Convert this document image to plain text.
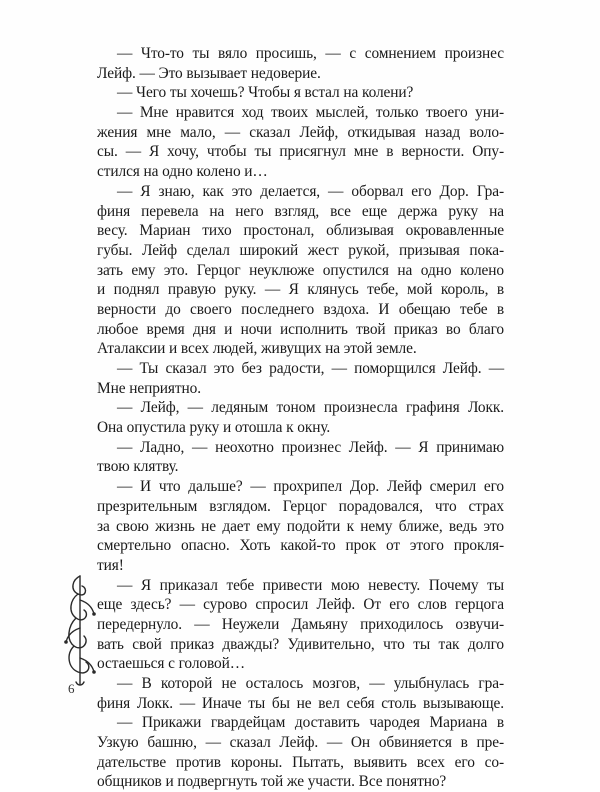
— Что-то ты вяло просишь, — с сомнением произнес
Лейф. — Это вызывает недоверие.
— Чего ты хочешь? Чтобы я встал на колени?
— Мне нравится ход твоих мыслей, только твоего уни-
жения мне мало, — сказал Лейф, откидывая назад воло-
сы. — Я хочу, чтобы ты присягнул мне в верности. Опу-
стился на одно колено и…
— Я знаю, как это делается, — оборвал его Дор. Гра-
финя перевела на него взгляд, все еще держа руку на
весу. Мариан тихо простонал, облизывая окровавленные
губы. Лейф сделал широкий жест рукой, призывая пока-
зать ему это. Герцог неуклюже опустился на одно колено
и поднял правую руку. — Я клянусь тебе, мой король, в
верности до своего последнего вздоха. И обещаю тебе в
любое время дня и ночи исполнить твой приказ во благо
Аталаксии и всех людей, живущих на этой земле.
— Ты сказал это без радости, — поморщился Лейф. —
Мне неприятно.
— Лейф, — ледяным тоном произнесла графиня Локк.
Она опустила руку и отошла к окну.
— Ладно, — неохотно произнес Лейф. — Я принимаю
твою клятву.
— И что дальше? — прохрипел Дор. Лейф смерил его
презрительным взглядом. Герцог порадовался, что страх
за свою жизнь не дает ему подойти к нему ближе, ведь это
смертельно опасно. Хоть какой-то прок от этого прокля-
тия!
— Я приказал тебе привести мою невесту. Почему ты
еще здесь? — сурово спросил Лейф. От его слов герцога
передернуло. — Неужели Дамьяну приходилось озвучи-
вать свой приказ дважды? Удивительно, что ты так долго
остаешься с головой…
— В которой не осталось мозгов, — улыбнулась гра-
финя Локк. — Иначе ты бы не вел себя столь вызывающе.
— Прикажи гвардейцам доставить чародея Мариана в
Узкую башню, — сказал Лейф. — Он обвиняется в пре-
дательстве против короны. Пытать, выявить всех его со-
общников и подвергнуть той же участи. Все понятно?
6
